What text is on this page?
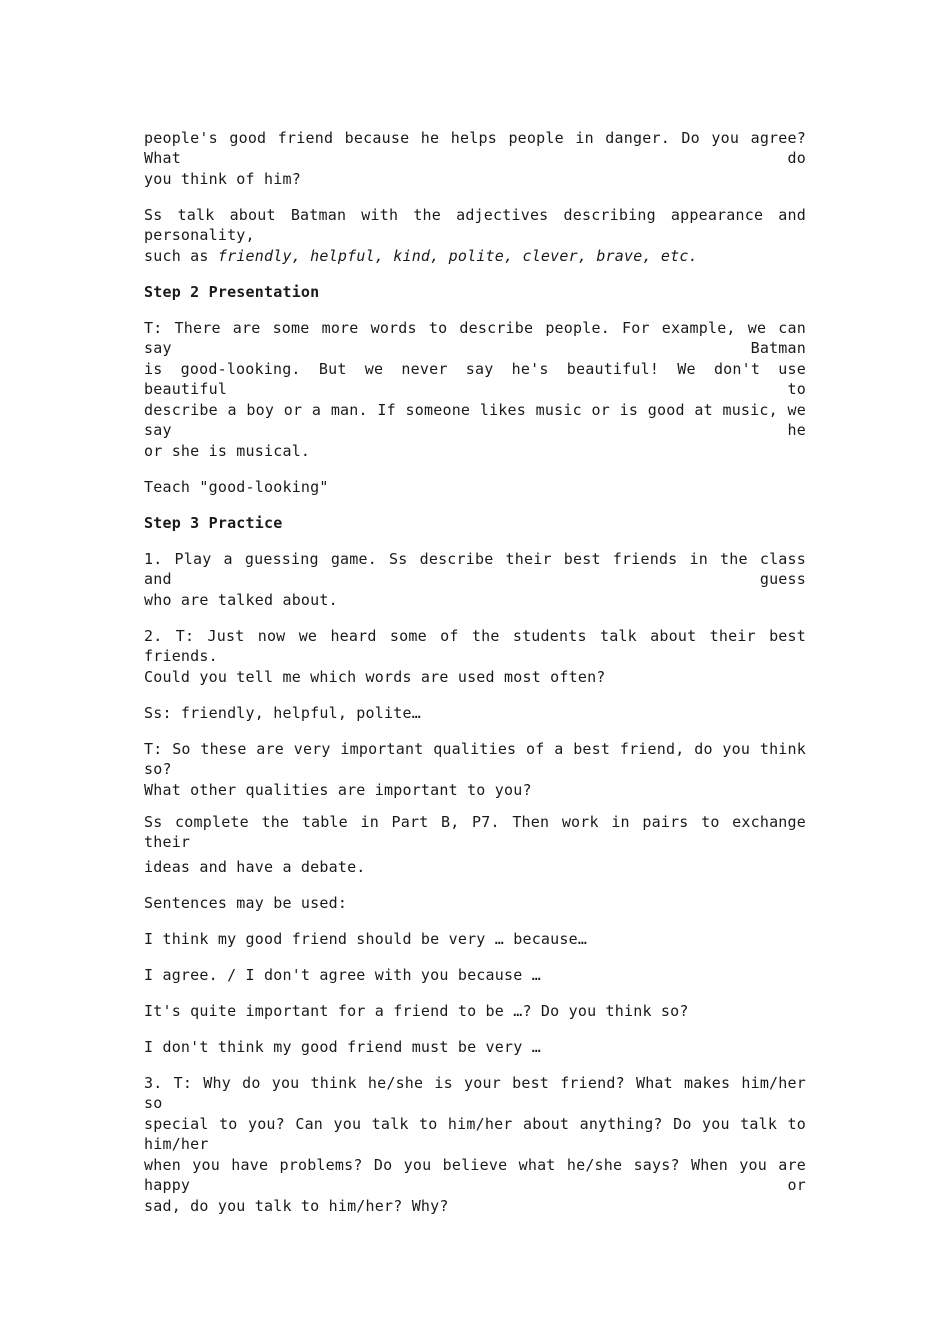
people's good friend because he helps people in danger. Do you agree? What do
you think of him?
Ss talk about Batman with the adjectives describing appearance and personality,
such as friendly, helpful, kind, polite, clever, brave, etc.
Step 2 Presentation
T: There are some more words to describe people. For example, we can say Batman
is good-looking. But we never say he's beautiful! We don't use beautiful to
describe a boy or a man. If someone likes music or is good at music, we say he
or she is musical.
Teach "good-looking"
Step 3 Practice
1. Play a guessing game. Ss describe their best friends in the class and guess
who are talked about.
2. T: Just now we heard some of the students talk about their best friends.
Could you tell me which words are used most often?
Ss: friendly, helpful, polite…
T: So these are very important qualities of a best friend, do you think so?
What other qualities are important to you?
Ss complete the table in Part B, P7. Then work in pairs to exchange their
ideas and have a debate.
Sentences may be used:
I think my good friend should be very … because…
I agree. / I don't agree with you because …
It's quite important for a friend to be …? Do you think so?
I don't think my good friend must be very …
3. T: Why do you think he/she is your best friend? What makes him/her so
special to you? Can you talk to him/her about anything? Do you talk to him/her
when you have problems? Do you believe what he/she says? When you are happy or
sad, do you talk to him/her? Why?
